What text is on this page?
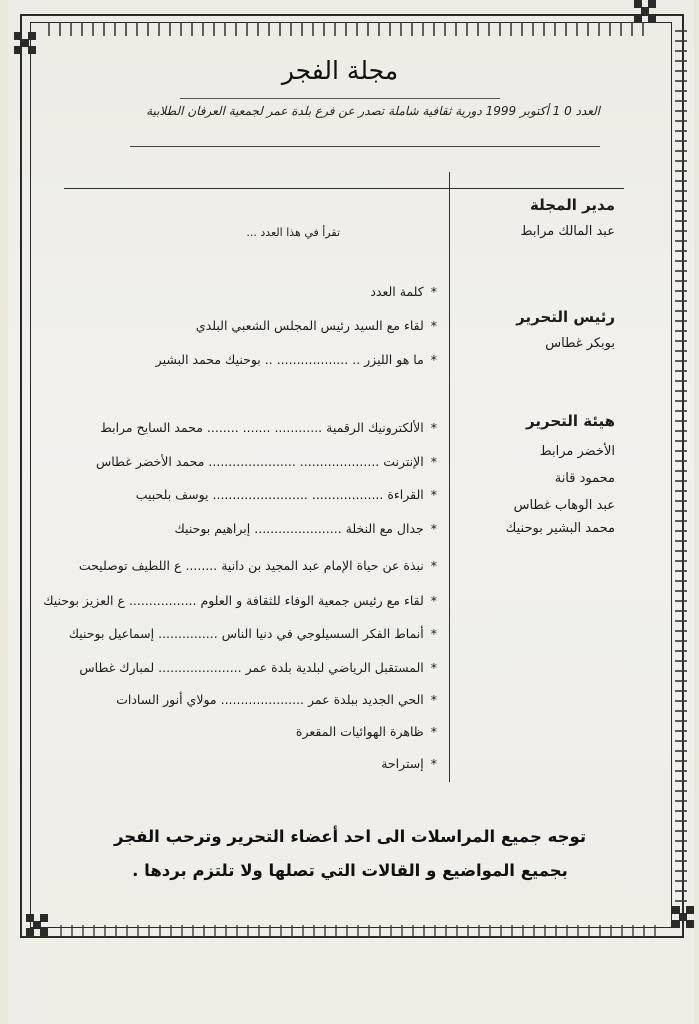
مجلة الفجر
العدد 0 1 أكتوبر 1999 دورية ثقافية شاملة تصدر عن فرع بلدة عمر لجمعية العرفان الطلابية

مدير المجلة

عبد المالك مرابط

رئيس التحرير

بوبكر غطاس

هيئة التحرير

الأخضر مرابط

محمود قانة

عبد الوهاب غطاس

محمد البشير بوحنيك

تقرأ في هذا العدد ...
* كلمة العدد
* لقاء مع السيد رئيس المجلس الشعبي البلدي
* ما هو الليزر .. .................. .. بوحنيك محمد البشير
* الألكترونيك الرقمية ............ ....... ........ محمد السايح مرابط
* الإنترنت .................... ...................... محمد الأخضر غطاس
* القراءة .................. ........................ يوسف بلحبيب
* جدال مع النخلة ...................... إبراهيم بوحنيك
* نبذة عن حياة الإمام عبد المجيد بن دانية ........ ع اللطيف توصليحت
* لقاء مع رئيس جمعية الوفاء للثقافة و العلوم ................. ع العزيز بوحنيك
* أنماط الفكر السسيلوجي في دنيا الناس ............... إسماعيل بوحنيك
* المستقبل الرياضي لبلدية بلدة عمر ..................... لمبارك غطاس
* الحي الجديد ببلدة عمر ..................... مولاي أنور السادات
* ظاهرة الهوائيات المقعرة
* إستراحة
توجه جميع المراسلات الى احد أعضاء التحرير وترحب الفجر
بجميع المواضيع و القالات التي تصلها ولا تلتزم بردها .
